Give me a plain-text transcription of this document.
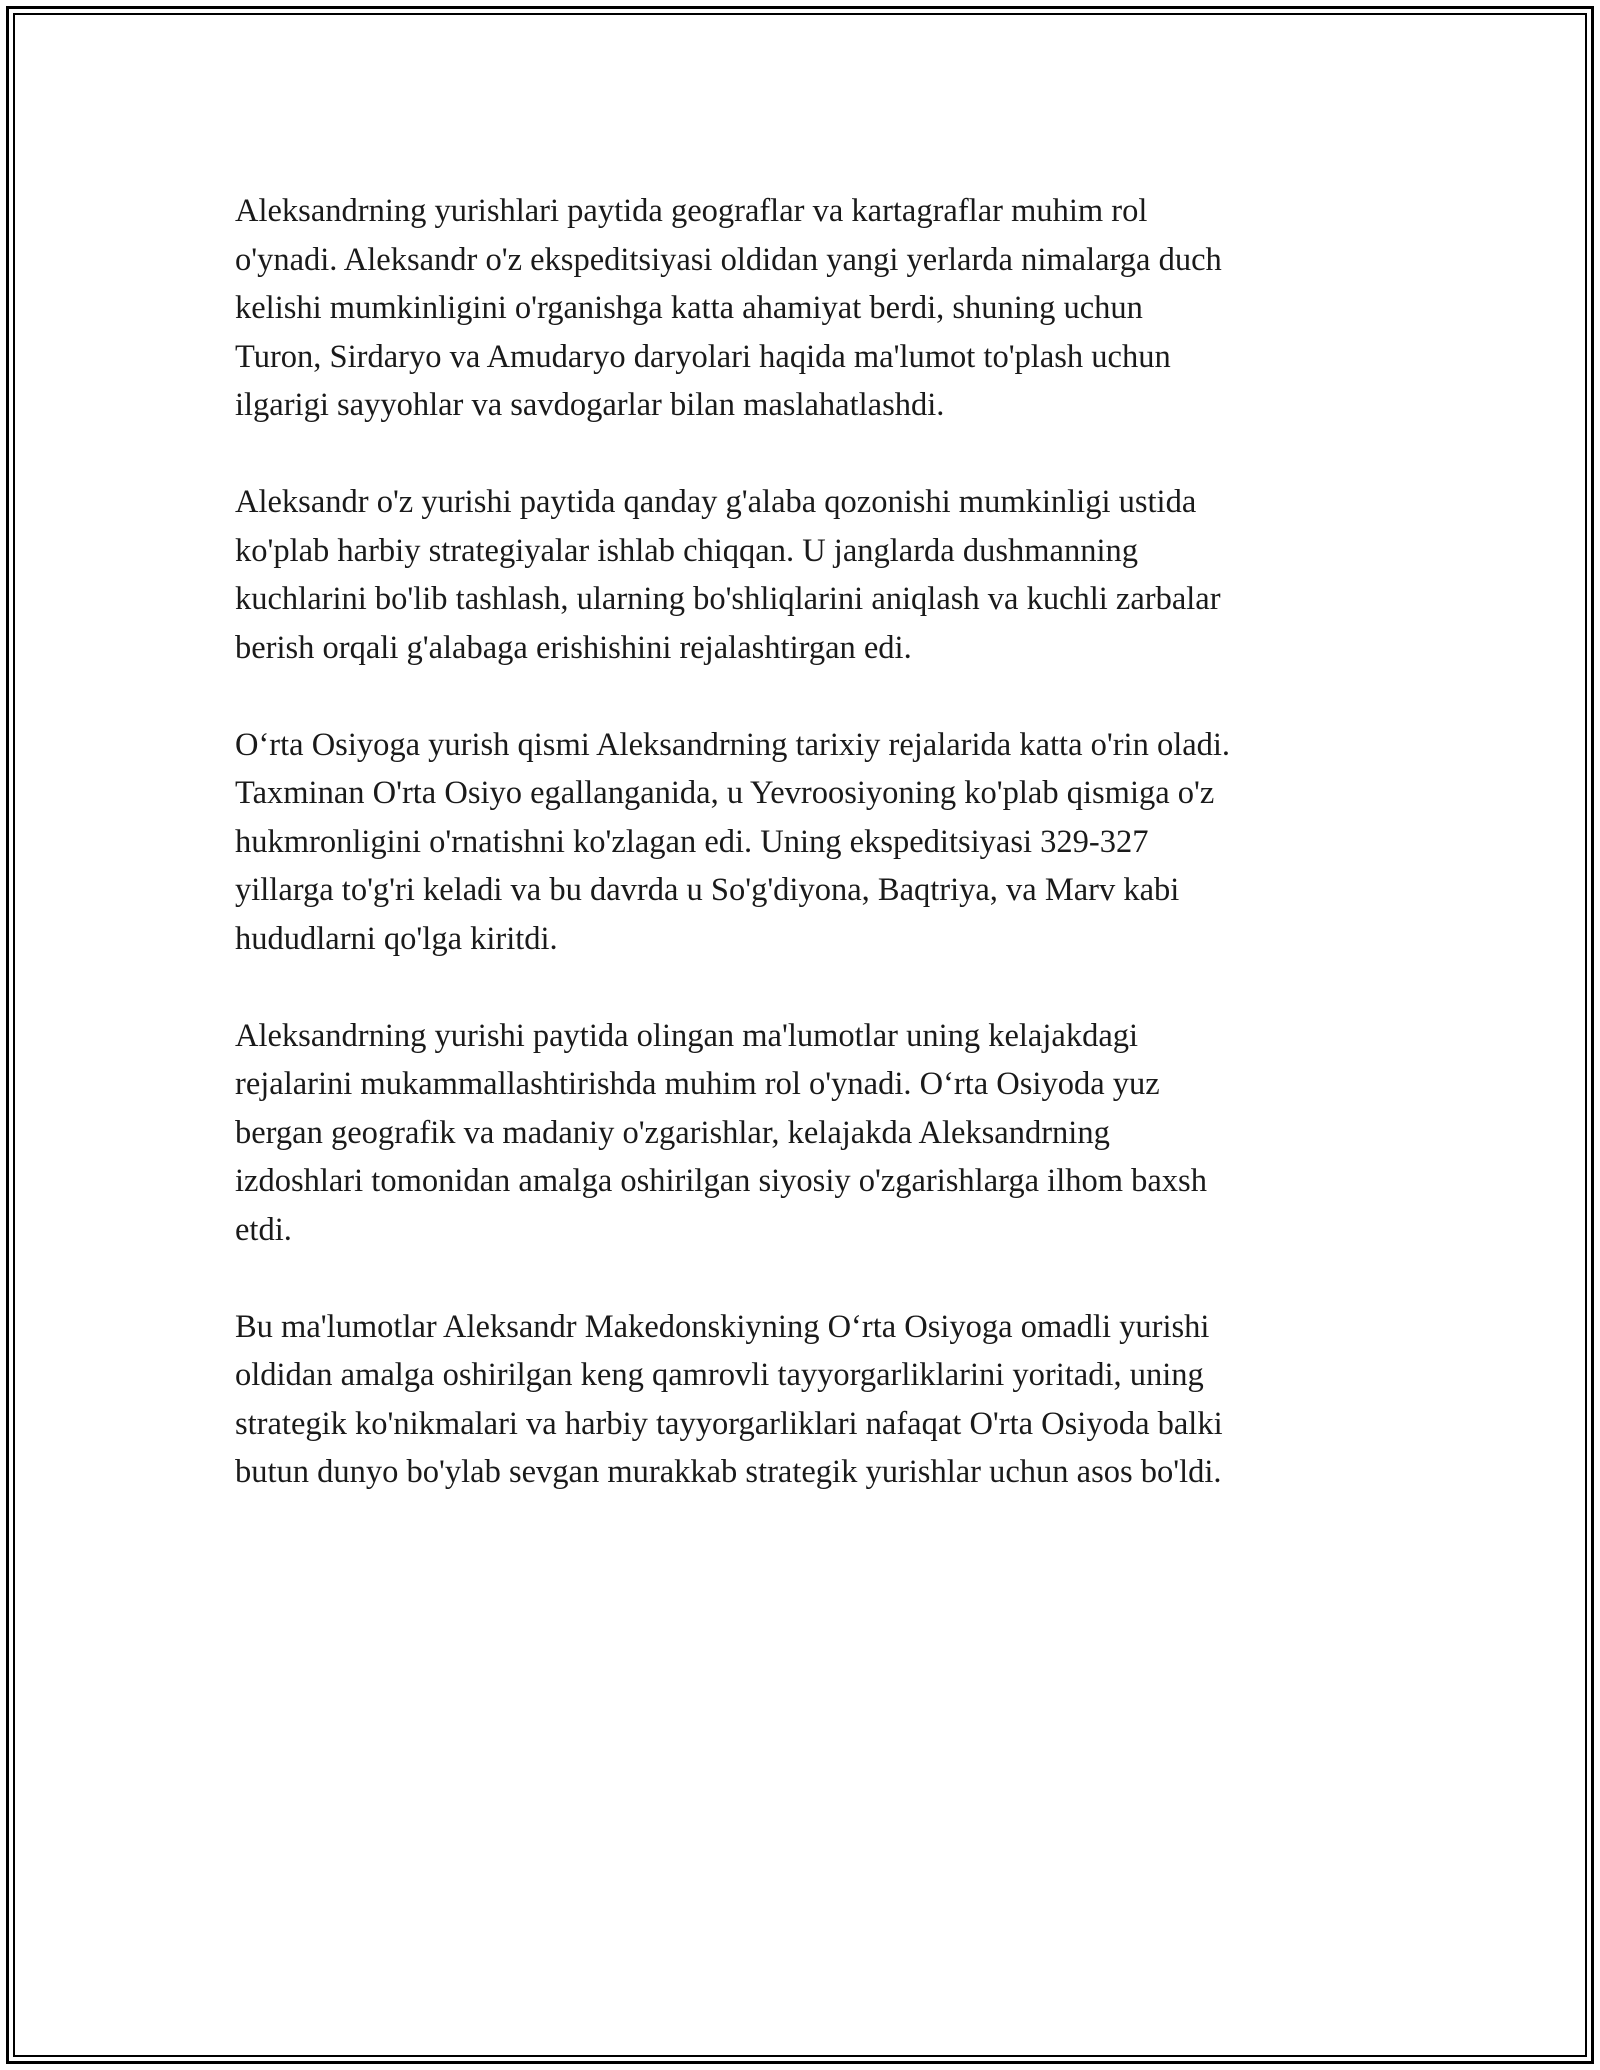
Aleksandrning yurishlari paytida geograflar va kartagraflar muhim rol
o'ynadi. Aleksandr o'z ekspeditsiyasi oldidan yangi yerlarda nimalarga duch
kelishi mumkinligini o'rganishga katta ahamiyat berdi, shuning uchun
Turon, Sirdaryo va Amudaryo daryolari haqida ma'lumot to'plash uchun
ilgarigi sayyohlar va savdogarlar bilan maslahatlashdi.

Aleksandr o'z yurishi paytida qanday g'alaba qozonishi mumkinligi ustida
ko'plab harbiy strategiyalar ishlab chiqqan. U janglarda dushmanning
kuchlarini bo'lib tashlash, ularning bo'shliqlarini aniqlash va kuchli zarbalar
berish orqali g'alabaga erishishini rejalashtirgan edi.

O‘rta Osiyoga yurish qismi Aleksandrning tarixiy rejalarida katta o'rin oladi.
Taxminan O'rta Osiyo egallanganida, u Yevroosiyoning ko'plab qismiga o'z
hukmronligini o'rnatishni ko'zlagan edi. Uning ekspeditsiyasi 329-327
yillarga to'g'ri keladi va bu davrda u So'g'diyona, Baqtriya, va Marv kabi
hududlarni qo'lga kiritdi.

Aleksandrning yurishi paytida olingan ma'lumotlar uning kelajakdagi
rejalarini mukammallashtirishda muhim rol o'ynadi. O‘rta Osiyoda yuz
bergan geografik va madaniy o'zgarishlar, kelajakda Aleksandrning
izdoshlari tomonidan amalga oshirilgan siyosiy o'zgarishlarga ilhom baxsh
etdi.

Bu ma'lumotlar Aleksandr Makedonskiyning O‘rta Osiyoga omadli yurishi
oldidan amalga oshirilgan keng qamrovli tayyorgarliklarini yoritadi, uning
strategik ko'nikmalari va harbiy tayyorgarliklari nafaqat O'rta Osiyoda balki
butun dunyo bo'ylab sevgan murakkab strategik yurishlar uchun asos bo'ldi.
